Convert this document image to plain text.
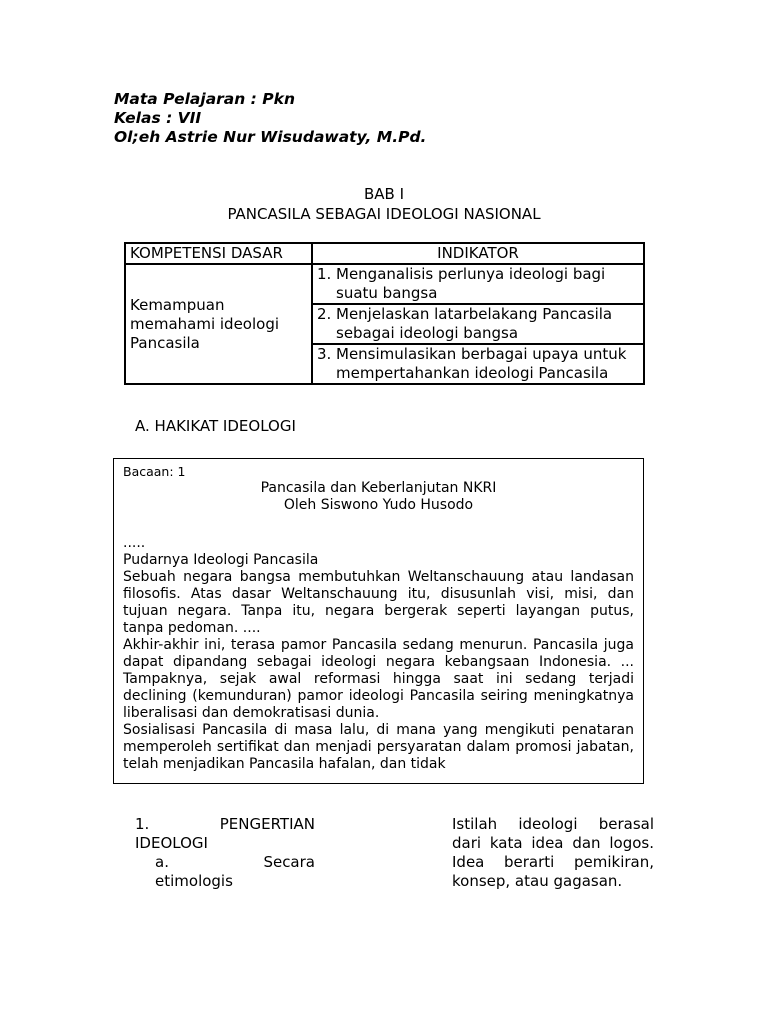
Mata Pelajaran : Pkn
Kelas : VII
Ol;eh Astrie Nur Wisudawaty, M.Pd.
BAB I
PANCASILA SEBAGAI IDEOLOGI NASIONAL
KOMPETENSI DASAR	INDIKATOR
Kemampuan memahami ideologi Pancasila	1. Menganalisis perlunya ideologi bagi suatu bangsa

	2. Menjelaskan latarbelakang Pancasila sebagai ideologi bangsa

	3. Mensimulasikan berbagai upaya untuk mempertahankan ideologi Pancasila
A. HAKIKAT IDEOLOGI
Bacaan: 1
Pancasila dan Keberlanjutan NKRI
Oleh Siswono Yudo Husodo
.....
Pudarnya Ideologi Pancasila
Sebuah negara bangsa membutuhkan Weltanschauung atau landasan filosofis. Atas dasar Weltanschauung itu, disusunlah visi, misi, dan tujuan negara. Tanpa itu, negara bergerak seperti layangan putus, tanpa pedoman. ....
Akhir-akhir ini, terasa pamor Pancasila sedang menurun. Pancasila juga dapat dipandang sebagai ideologi negara kebangsaan Indonesia. ... Tampaknya, sejak awal reformasi hingga saat ini sedang terjadi declining (kemunduran) pamor ideologi Pancasila seiring meningkatnya liberalisasi dan demokratisasi dunia.
Sosialisasi Pancasila di masa lalu, di mana yang mengikuti penataran memperoleh sertifikat dan menjadi persyaratan dalam promosi jabatan, telah menjadikan Pancasila hafalan, dan tidak
1.	PENGERTIAN
IDEOLOGI
a.	Secara
etimologis
Istilah ideologi berasal dari kata idea dan logos. Idea berarti pemikiran, konsep, atau gagasan.
